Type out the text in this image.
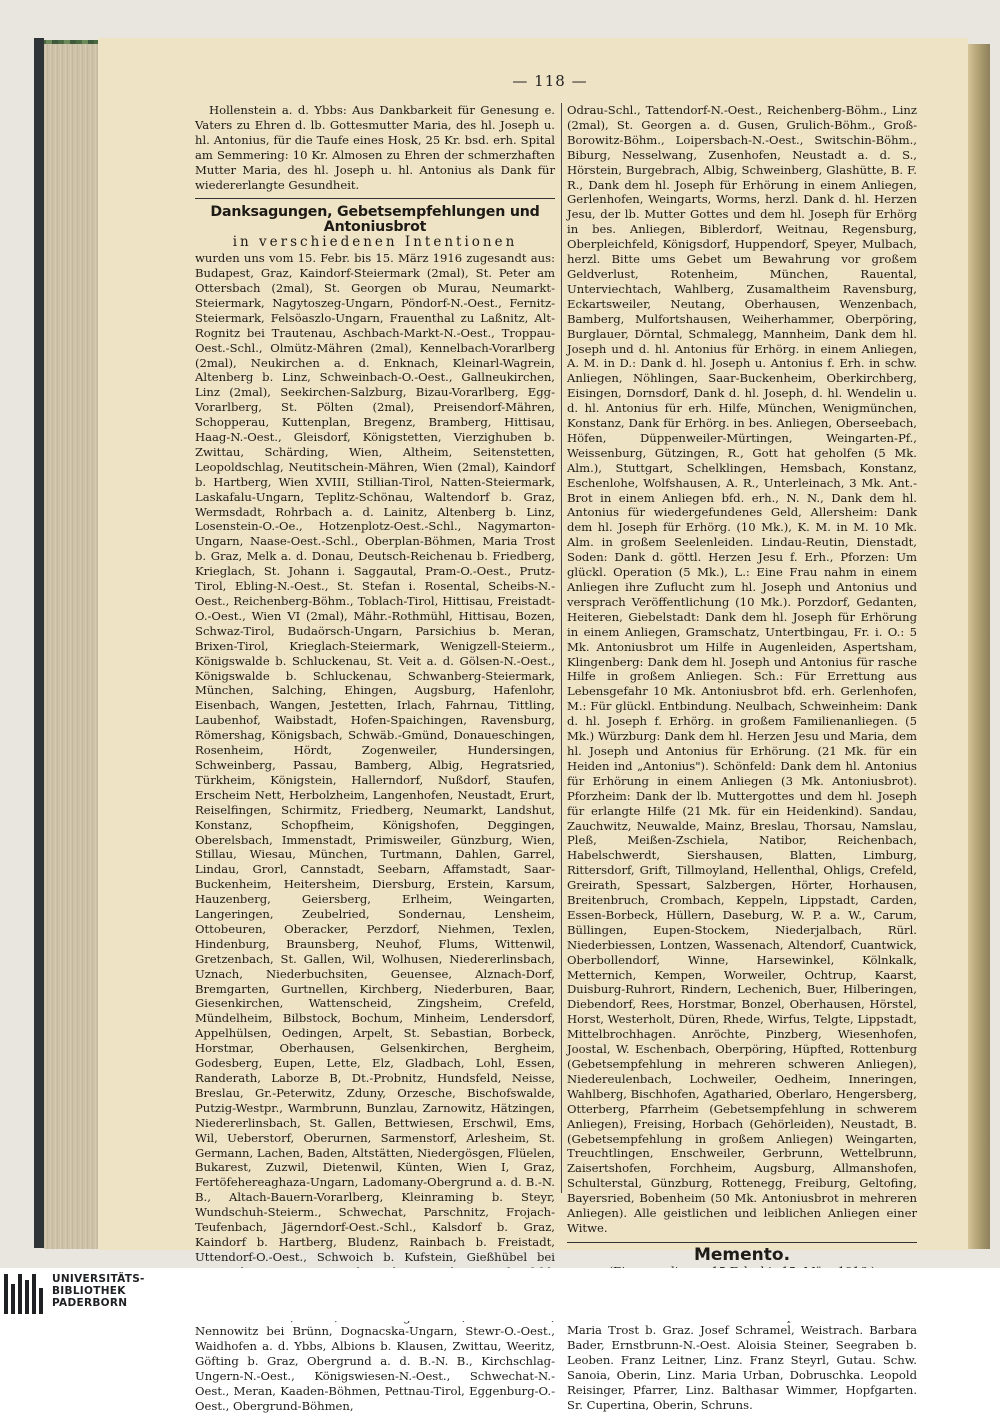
— 118 —

Hollenstein a. d. Ybbs: Aus Dankbarkeit für Genesung e. Vaters zu Ehren d. lb. Gottesmutter Maria, des hl. Joseph u. hl. Antonius, für die Taufe eines Hosk, 25 Kr. bsd. erh. Spital am Semmering: 10 Kr. Almosen zu Ehren der schmerzhaften Mutter Maria, des hl. Joseph u. hl. Antonius als Dank für wiedererlangte Gesundheit.

Danksagungen, Gebetsempfehlungen und Antoniusbrot
in verschiedenen Intentionen

wurden uns vom 15. Febr. bis 15. März 1916 zugesandt aus: Budapest, Graz, Kaindorf-Steiermark (2mal), St. Peter am Ottersbach (2mal), St. Georgen ob Murau, Neumarkt-Steiermark, Nagytoszeg-Ungarn, Pöndorf-N.-Oest., Fernitz-Steiermark, Felsöaszlo-Ungarn, Frauenthal zu Laßnitz, Alt-Rognitz bei Trautenau, Aschbach-Markt-N.-Oest., Troppau-Oest.-Schl., Olmütz-Mähren (2mal), Kennelbach-Vorarlberg (2mal), Neukirchen a. d. Enknach, Kleinarl-Wagrein, Altenberg b. Linz, Schweinbach-O.-Oest., Gallneukirchen, Linz (2mal), Seekirchen-Salzburg, Bizau-Vorarlberg, Egg-Vorarlberg, St. Pölten (2mal), Preisendorf-Mähren, Schopperau, Kuttenplan, Bregenz, Bramberg, Hittisau, Haag-N.-Oest., Gleisdorf, Königstetten, Vierzighuben b. Zwittau, Schärding, Wien, Altheim, Seitenstetten, Leopoldschlag, Neutitschein-Mähren, Wien (2mal), Kaindorf b. Hartberg, Wien XVIII, Stillian-Tirol, Natten-Steiermark, Laskafalu-Ungarn, Teplitz-Schönau, Waltendorf b. Graz, Wermsdadt, Rohrbach a. d. Lainitz, Altenberg b. Linz, Losenstein-O.-Oe., Hotzenplotz-Oest.-Schl., Nagymarton-Ungarn, Naase-Oest.-Schl., Oberplan-Böhmen, Maria Trost b. Graz, Melk a. d. Donau, Deutsch-Reichenau b. Friedberg, Krieglach, St. Johann i. Saggautal, Pram-O.-Oest., Prutz-Tirol, Ebling-N.-Oest., St. Stefan i. Rosental, Scheibs-N.-Oest., Reichenberg-Böhm., Toblach-Tirol, Hittisau, Freistadt-O.-Oest., Wien VI (2mal), Mähr.-Rothmühl, Hittisau, Bozen, Schwaz-Tirol, Budaörsch-Ungarn, Parsichius b. Meran, Brixen-Tirol, Krieglach-Steiermark, Wenigzell-Steierm., Königswalde b. Schluckenau, St. Veit a. d. Gölsen-N.-Oest., Königswalde b. Schluckenau, Schwanberg-Steiermark, München, Salching, Ehingen, Augsburg, Hafenlohr, Eisenbach, Wangen, Jestetten, Irlach, Fahrnau, Tittling, Laubenhof, Waibstadt, Hofen-Spaichingen, Ravensburg, Römershag, Königsbach, Schwäb.-Gmünd, Donaueschingen, Rosenheim, Hördt, Zogenweiler, Hundersingen, Schweinberg, Passau, Bamberg, Albig, Hegratsried, Türkheim, Königstein, Hallerndorf, Nußdorf, Staufen, Erscheim Nett, Herbolzheim, Langenhofen, Neustadt, Erurt, Reiselfingen, Schirmitz, Friedberg, Neumarkt, Landshut, Konstanz, Schopfheim, Königshofen, Deggingen, Oberelsbach, Immenstadt, Primisweiler, Günzburg, Wien, Stillau, Wiesau, München, Turtmann, Dahlen, Garrel, Lindau, Grorl, Cannstadt, Seebarn, Affamstadt, Saar-Buckenheim, Heitersheim, Diersburg, Erstein, Karsum, Hauzenberg, Geiersberg, Erlheim, Weingarten, Langeringen, Zeubelried, Sondernau, Lensheim, Ottobeuren, Oberacker, Perzdorf, Niehmen, Texlen, Hindenburg, Braunsberg, Neuhof, Flums, Wittenwil, Gretzenbach, St. Gallen, Wil, Wolhusen, Niedererlinsbach, Uznach, Niederbuchsiten, Geuensee, Alznach-Dorf, Bremgarten, Gurtnellen, Kirchberg, Niederburen, Baar, Giesenkirchen, Wattenscheid, Zingsheim, Crefeld, Mündelheim, Bilbstock, Bochum, Minheim, Lendersdorf, Appelhülsen, Oedingen, Arpelt, St. Sebastian, Borbeck, Horstmar, Oberhausen, Gelsenkirchen, Bergheim, Godesberg, Eupen, Lette, Elz, Gladbach, Lohl, Essen, Randerath, Laborze B, Dt.-Probnitz, Hundsfeld, Neisse, Breslau, Gr.-Peterwitz, Zduny, Orzesche, Bischofswalde, Putzig-Westpr., Warmbrunn, Bunzlau, Zarnowitz, Hätzingen, Niedererlinsbach, St. Gallen, Bettwiesen, Erschwil, Ems, Wil, Ueberstorf, Oberurnen, Sarmenstorf, Arlesheim, St. Germann, Lachen, Baden, Altstätten, Niedergösgen, Flüelen, Bukarest, Zuzwil, Dietenwil, Künten, Wien I, Graz, Fertöfehereaghaza-Ungarn, Ladomany-Obergrund a. d. B.-N. B., Altach-Bauern-Vorarlberg, Kleinraming b. Steyr, Wundschuh-Steierm., Schwechat, Parschnitz, Frojach-Teufenbach, Jägerndorf-Oest.-Schl., Kalsdorf b. Graz, Kaindorf b. Hartberg, Bludenz, Rainbach b. Freistadt, Uttendorf-O.-Oest., Schwoich b. Kufstein, Gießhübel bei Nennowitz bei Brünn, Dognacska-Ungarn, Stewr-O.-Oest., Waidhofen a. d. Ybbs, Albions b. Klausen, Zwittau, Weeritz, Göfting b. Graz, Obergrund a. d. B.-N. B., Kirchschlag-Ungern-N.-Oest., Königswiesen-N.-Oest., Schwechat-N.-Oest., Meran, Kaaden-Böhmen, Pettnau-Tirol, Eggenburg-O.-Oest., Obergrund-Böhmen,

Odrau-Schl., Tattendorf-N.-Oest., Reichenberg-Böhm., Linz (2mal), St. Georgen a. d. Gusen, Grulich-Böhm., Groß-Borowitz-Böhm., Loipersbach-N.-Oest., Switschin-Böhm., Biburg, Nesselwang, Zusenhofen, Neustadt a. d. S., Hörstein, Burgebrach, Albig, Schweinberg, Glashütte, B. F. R., Dank dem hl. Joseph für Erhörung in einem Anliegen, Gerlenhofen, Weingarts, Worms, herzl. Dank d. hl. Herzen Jesu, der lb. Mutter Gottes und dem hl. Joseph für Erhörg in bes. Anliegen, Biblerdorf, Weitnau, Regensburg, Oberpleichfeld, Königsdorf, Huppendorf, Speyer, Mulbach, herzl. Bitte ums Gebet um Bewahrung vor großem Geldverlust, Rotenheim, München, Rauental, Unterviechtach, Wahlberg, Zusamaltheim Ravensburg, Eckartsweiler, Neutang, Oberhausen, Wenzenbach, Bamberg, Mulfortshausen, Weiherhammer, Oberpöring, Burglauer, Dörntal, Schmalegg, Mannheim, Dank dem hl. Joseph und d. hl. Antonius für Erhörg. in einem Anliegen, A. M. in D.: Dank d. hl. Joseph u. Antonius f. Erh. in schw. Anliegen, Nöhlingen, Saar-Buckenheim, Oberkirchberg, Eisingen, Dornsdorf, Dank d. hl. Joseph, d. hl. Wendelin u. d. hl. Antonius für erh. Hilfe, München, Wenigmünchen, Konstanz, Dank für Erhörg. in bes. Anliegen, Oberseebach, Höfen, Düppenweiler-Mürtingen, Weingarten-Pf., Weissenburg, Gützingen, R., Gott hat geholfen (5 Mk. Alm.), Stuttgart, Schelklingen, Hemsbach, Konstanz, Eschenlohe, Wolfshausen, A. R., Unterleinach, 3 Mk. Ant.-Brot in einem Anliegen bfd. erh., N. N., Dank dem hl. Antonius für wiedergefundenes Geld, Allersheim: Dank dem hl. Joseph für Erhörg. (10 Mk.), K. M. in M. 10 Mk. Alm. in großem Seelenleiden. Lindau-Reutin, Dienstadt, Soden: Dank d. göttl. Herzen Jesu f. Erh., Pforzen: Um glückl. Operation (5 Mk.), L.: Eine Frau nahm in einem Anliegen ihre Zuflucht zum hl. Joseph und Antonius und versprach Veröffentlichung (10 Mk.). Porzdorf, Gedanten, Heiteren, Giebelstadt: Dank dem hl. Joseph für Erhörung in einem Anliegen, Gramschatz, Untertbingau, Fr. i. O.: 5 Mk. Antoniusbrot um Hilfe in Augenleiden, Aspertsham, Klingenberg: Dank dem hl. Joseph und Antonius für rasche Hilfe in großem Anliegen. Sch.: Für Errettung aus Lebensgefahr 10 Mk. Antoniusbrot bfd. erh. Gerlenhofen, M.: Für glückl. Entbindung. Neulbach, Schweinheim: Dank d. hl. Joseph f. Erhörg. in großem Familienanliegen. (5 Mk.) Würzburg: Dank dem hl. Herzen Jesu und Maria, dem hl. Joseph und Antonius für Erhörung. (21 Mk. für ein Heiden ind „Antonius"). Schönfeld: Dank dem hl. Antonius für Erhörung in einem Anliegen (3 Mk. Antoniusbrot). Pforzheim: Dank der lb. Muttergottes und dem hl. Joseph für erlangte Hilfe (21 Mk. für ein Heidenkind). Sandau, Zauchwitz, Neuwalde, Mainz, Breslau, Thorsau, Namslau, Pleß, Meißen-Zschiela, Natibor, Reichenbach, Habelschwerdt, Siershausen, Blatten, Limburg, Rittersdorf, Grift, Tillmoyland, Hellenthal, Ohligs, Crefeld, Greirath, Spessart, Salzbergen, Hörter, Horhausen, Breitenbruch, Crombach, Keppeln, Lippstadt, Carden, Essen-Borbeck, Hüllern, Daseburg, W. P. a. W., Carum, Büllingen, Eupen-Stockem, Niederjalbach, Rürl. Niederbiessen, Lontzen, Wassenach, Altendorf, Cuantwick, Oberbollendorf, Winne, Harsewinkel, Kölnkalk, Metternich, Kempen, Worweiler, Ochtrup, Kaarst, Duisburg-Ruhrort, Rindern, Lechenich, Buer, Hilberingen, Diebendorf, Rees, Horstmar, Bonzel, Oberhausen, Hörstel, Horst, Westerholt, Düren, Rhede, Wirfus, Telgte, Lippstadt, Mittelbrochhagen. Anröchte, Pinzberg, Wiesenhofen, Joostal, W. Eschenbach, Oberpöring, Hüpfted, Rottenburg (Gebetsempfehlung in mehreren schweren Anliegen), Niedereulenbach, Lochweiler, Oedheim, Inneringen, Wahlberg, Bischhofen, Agatharied, Oberlaro, Hengersberg, Otterberg, Pfarrheim (Gebetsempfehlung in schwerem Anliegen), Freising, Horbach (Gehörleiden), Neustadt, B. (Gebetsempfehlung in großem Anliegen) Weingarten, Treuchtlingen, Enschweiler, Gerbrunn, Wettelbrunn, Zaisertshofen, Forchheim, Augsburg, Allmanshofen, Schulterstal, Günzburg, Rottenegg, Freiburg, Geltofing, Bayersried, Bobenheim (50 Mk. Antoniusbrot in mehreren Anliegen). Alle geistlichen und leiblichen Anliegen einer Witwe.

Memento.

Maria Trost b. Graz. Josef Schramel, Weistrach. Barbara Bader, Ernstbrunn-N.-Oest. Aloisia Steiner, Seegraben b. Leoben. Franz Leitner, Linz. Franz Steyrl, Gutau. Schw. Sanoia, Oberin, Linz. Maria Urban, Dobruschka. Leopold Reisinger, Pfarrer, Linz. Balthasar Wimmer, Hopfgarten. Sr. Cupertina, Oberin, Schruns.

UNIVERSITÄTS-
BIBLIOTHEK
PADERBORN
